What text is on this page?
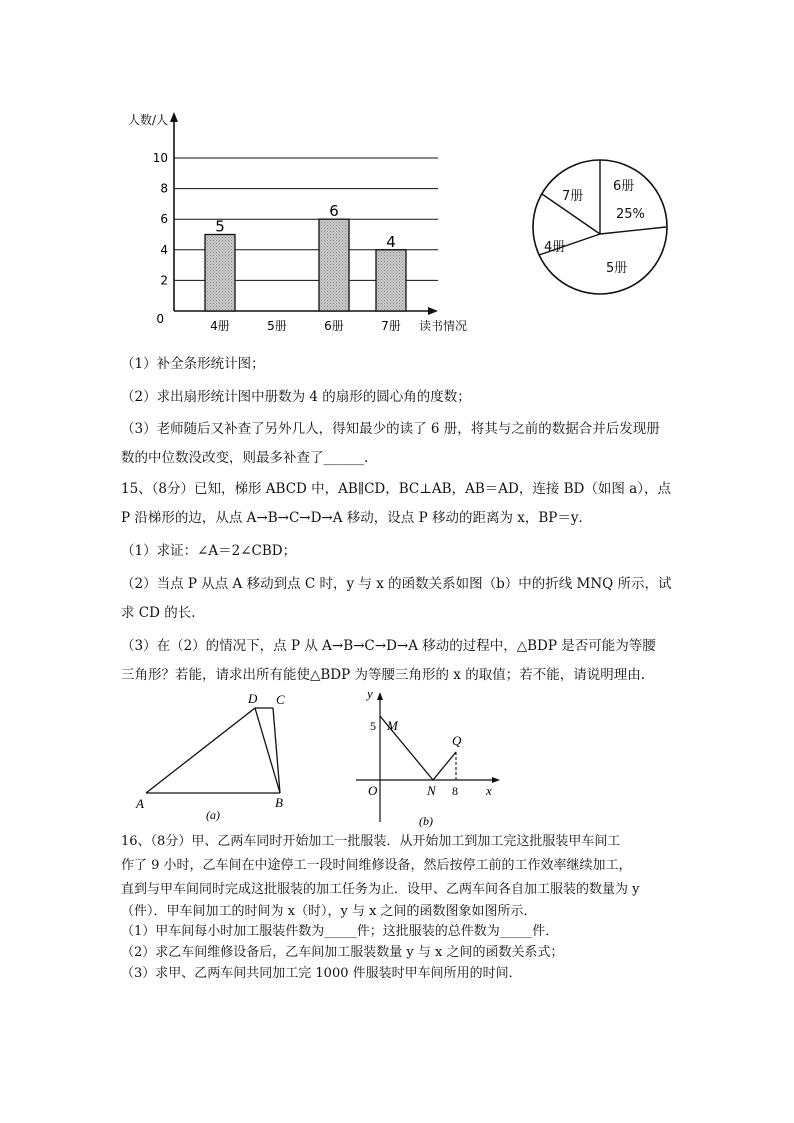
人数/人
读书情况
10
8
6
4
2
0
5
6
4
4册	5册	6册	7册
6册
25%
5册
4册
7册
（1）补全条形统计图；
（2）求出扇形统计图中册数为 4 的扇形的圆心角的度数；
（3）老师随后又补查了另外几人，得知最少的读了 6 册，将其与之前的数据合并后发现册
数的中位数没改变，则最多补查了______.
15、（8分）已知，梯形 ABCD 中，AB∥CD，BC⊥AB，AB＝AD，连接 BD（如图 a），点
P 沿梯形的边，从点 A→B→C→D→A 移动，设点 P 移动的距离为 x，BP＝y．
（1）求证：∠A＝2∠CBD；
（2）当点 P 从点 A 移动到点 C 时，y 与 x 的函数关系如图（b）中的折线 MNQ 所示，试
求 CD 的长.
（3）在（2）的情况下，点 P 从 A→B→C→D→A 移动的过程中，△BDP 是否可能为等腰
三角形？若能，请求出所有能使△BDP 为等腰三角形的 x 的取值；若不能，请说明理由.
D C
A	B
(a)
y
5 M
Q
O	N 8 x
(b)
16、（8分）甲、乙两车同时开始加工一批服装．从开始加工到加工完这批服装甲车间工
作了 9 小时，乙车间在中途停工一段时间维修设备，然后按停工前的工作效率继续加工，
直到与甲车间同时完成这批服装的加工任务为止．设甲、乙两车间各自加工服装的数量为 y
（件）．甲车间加工的时间为 x（时），y 与 x 之间的函数图象如图所示．
（1）甲车间每小时加工服装件数为_____件；这批服装的总件数为_____件．
（2）求乙车间维修设备后，乙车间加工服装数量 y 与 x 之间的函数关系式；
（3）求甲、乙两车间共同加工完 1000 件服装时甲车间所用的时间．
